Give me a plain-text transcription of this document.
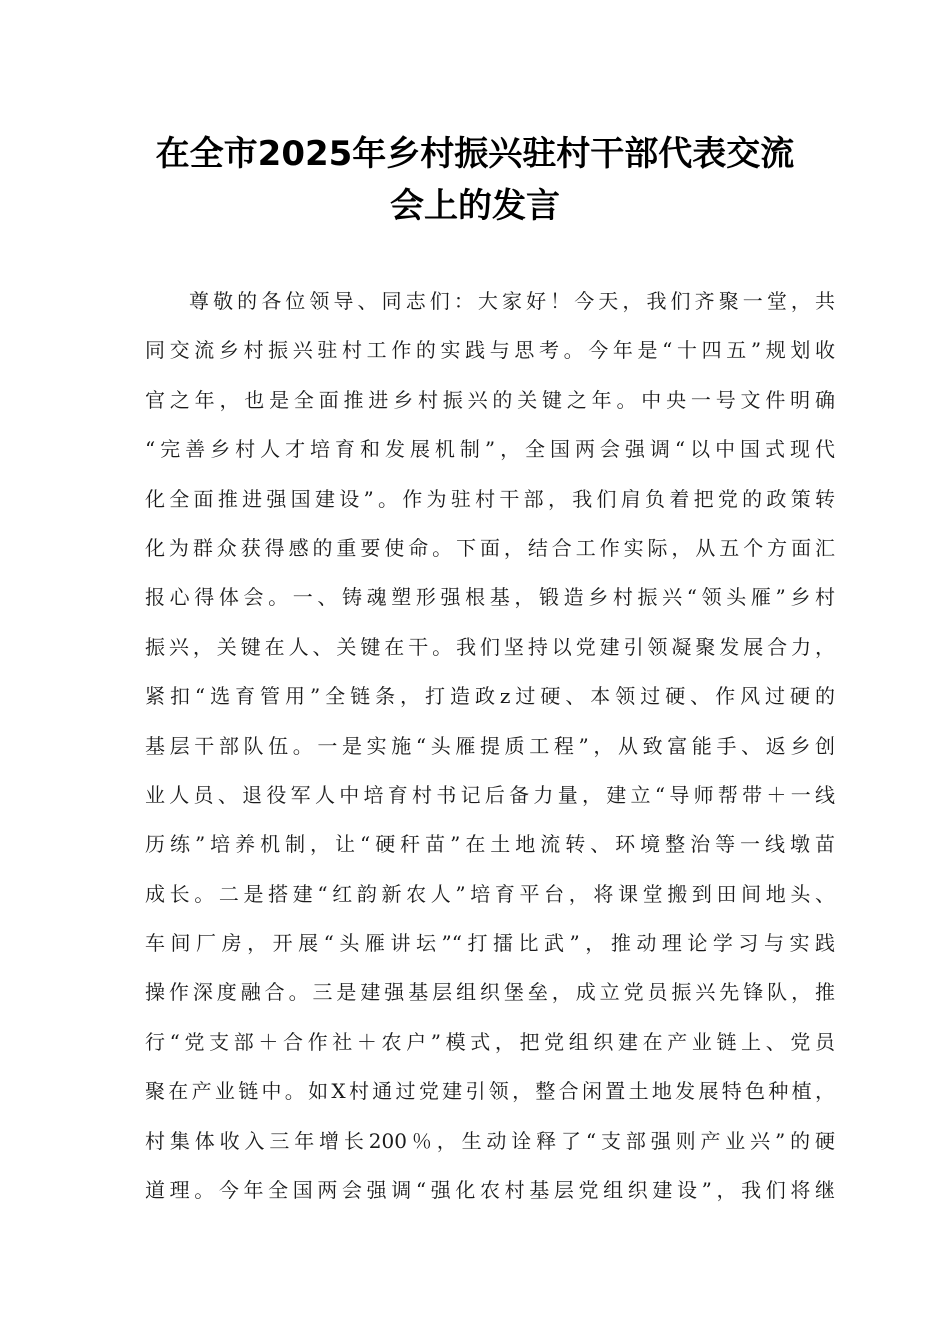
在全市2025年乡村振兴驻村干部代表交流
会上的发言
尊敬的各位领导、同志们：大家好！今天，我们齐聚一堂，共
同交流乡村振兴驻村工作的实践与思考。今年是“十四五”规划收
官之年，也是全面推进乡村振兴的关键之年。中央一号文件明确
“完善乡村人才培育和发展机制”，全国两会强调“以中国式现代
化全面推进强国建设”。作为驻村干部，我们肩负着把党的政策转
化为群众获得感的重要使命。下面，结合工作实际，从五个方面汇
报心得体会。一、铸魂塑形强根基，锻造乡村振兴“领头雁”乡村
振兴，关键在人、关键在干。我们坚持以党建引领凝聚发展合力，
紧扣“选育管用”全链条，打造政z过硬、本领过硬、作风过硬的
基层干部队伍。一是实施“头雁提质工程”，从致富能手、返乡创
业人员、退役军人中培育村书记后备力量，建立“导师帮带＋一线
历练”培养机制，让“硬秆苗”在土地流转、环境整治等一线墩苗
成长。二是搭建“红韵新农人”培育平台，将课堂搬到田间地头、
车间厂房，开展“头雁讲坛”“打擂比武”，推动理论学习与实践
操作深度融合。三是建强基层组织堡垒，成立党员振兴先锋队，推
行“党支部＋合作社＋农户”模式，把党组织建在产业链上、党员
聚在产业链中。如X村通过党建引领，整合闲置土地发展特色种植，
村集体收入三年增长200％，生动诠释了“支部强则产业兴”的硬
道理。今年全国两会强调“强化农村基层党组织建设”，我们将继
